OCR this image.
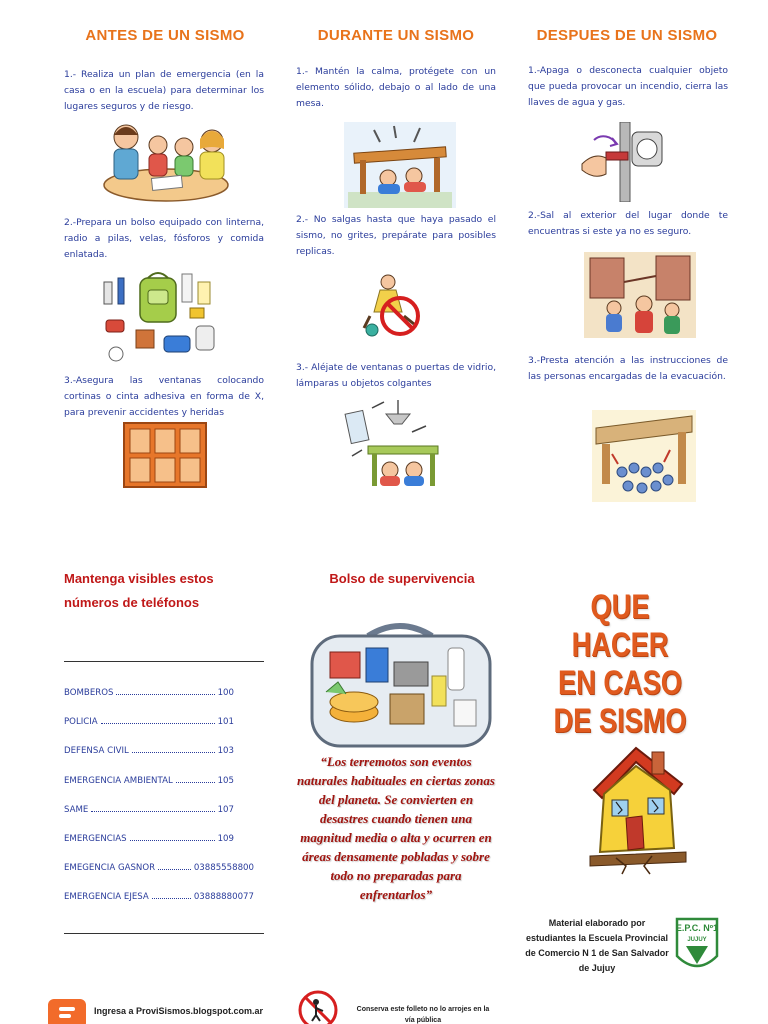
ANTES DE UN SISMO	DURANTE UN SISMO	DESPUES DE UN SISMO

1.- Realiza un plan de emergencia (en la casa o en la escuela) para determinar los lugares seguros y de riesgo.

2.-Prepara un bolso equipado con linterna, radio a pilas, velas, fósforos y comida enlatada.

3.-Asegura las ventanas colocando cortinas o cinta adhesiva en forma de X, para prevenir accidentes y heridas

1.- Mantén la calma, protégete con un elemento sólido, debajo o al lado de una mesa.

2.- No salgas hasta que haya pasado el sismo, no grites, prepárate para posibles replicas.

3.- Aléjate de ventanas o puertas de vidrio, lámparas u objetos colgantes

1.-Apaga o desconecta cualquier objeto que pueda provocar un incendio, cierra las llaves de agua y gas.

2.-Sal al exterior del lugar donde te encuentras si este ya no es seguro.

3.-Presta atención a las instrucciones de las personas encargadas de la evacuación.

Mantenga visibles estos
números de teléfonos
BOMBEROS	100
POLICIA	101
DEFENSA CIVIL	103
EMERGENCIA AMBIENTAL	105
SAME	107
EMERGENCIAS	109
EMEGENCIA GASNOR	03885558800
EMERGENCIA EJESA	03888880077
Bolso de supervivencia

“Los terremotos son eventos naturales habituales en ciertas zonas del planeta. Se convierten en desastres cuando tienen una magnitud media o alta y ocurren en áreas densamente pobladas y sobre todo no preparadas para enfrentarlos”

QUE HACER
EN CASO
DE SISMO

Material elaborado por estudiantes la Escuela Provincial de Comercio N 1 de San Salvador de Jujuy

E.P.C. Nº1
JUJUY
Ingresa a ProviSismos.blogspot.com.ar	Conserva este folleto no lo arrojes en la vía pública
